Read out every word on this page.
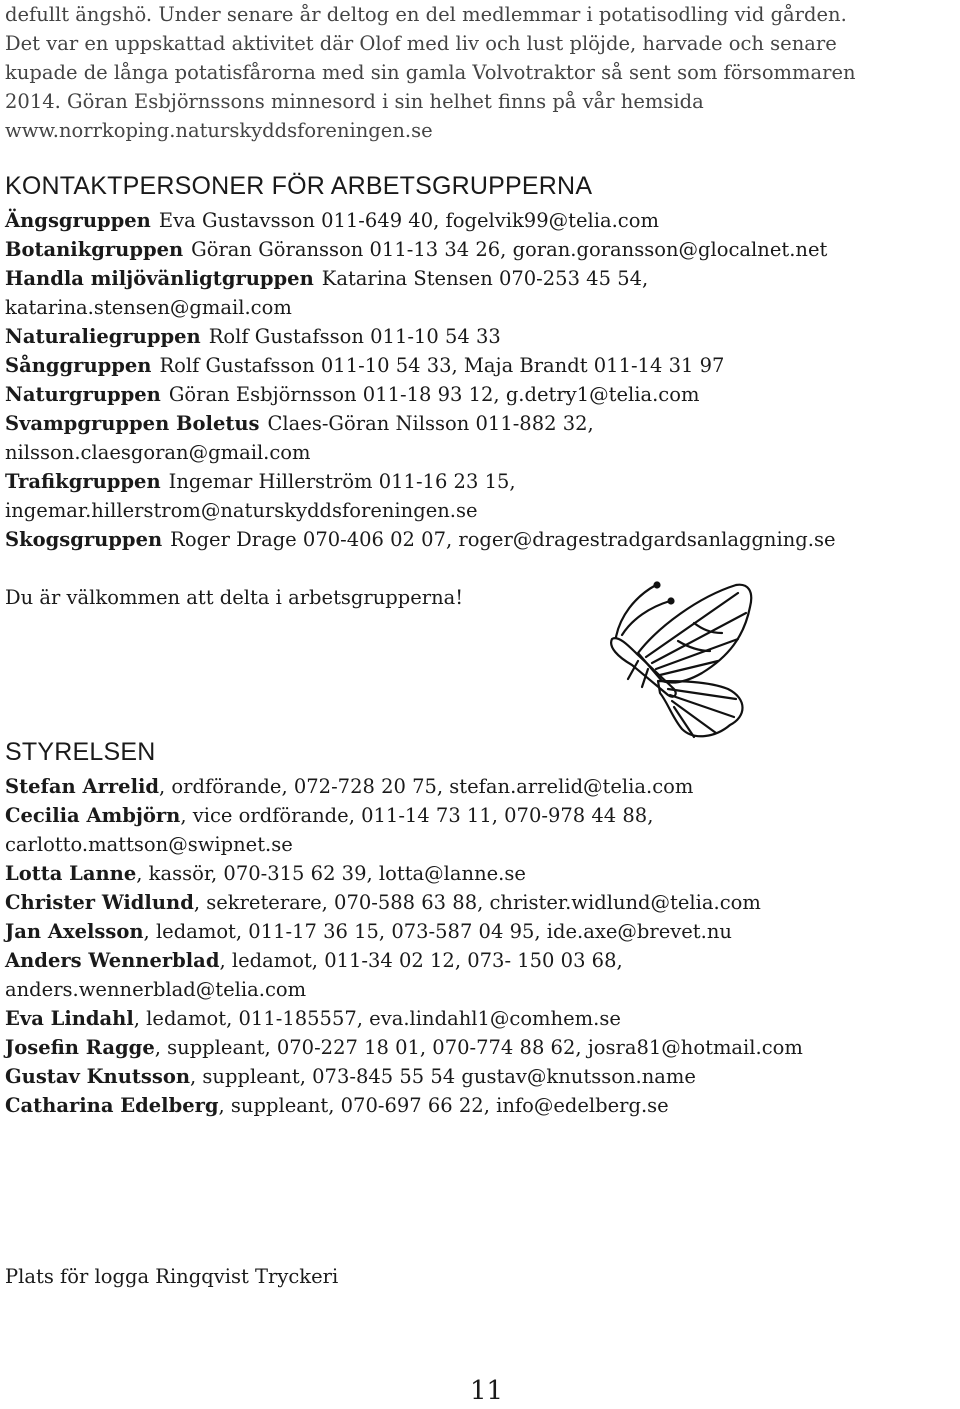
defullt ängshö. Under senare år deltog en del medlemmar i potatisodling vid gården.
Det var en uppskattad aktivitet där Olof med liv och lust plöjde, harvade och senare
kupade de långa potatisfårorna med sin gamla Volvotraktor så sent som försommaren
2014. Göran Esbjörnssons minnesord i sin helhet finns på vår hemsida
www.norrkoping.naturskyddsforeningen.se
KONTAKTPERSONER FÖR ARBETSGRUPPERNA
Ängsgruppen Eva Gustavsson 011-649 40, fogelvik99@telia.com
Botanikgruppen Göran Göransson 011-13 34 26, goran.goransson@glocalnet.net
Handla miljövänligtgruppen Katarina Stensen 070-253 45 54,
katarina.stensen@gmail.com
Naturaliegruppen Rolf Gustafsson 011-10 54 33
Sånggruppen Rolf Gustafsson 011-10 54 33, Maja Brandt 011-14 31 97
Naturgruppen Göran Esbjörnsson 011-18 93 12, g.detry1@telia.com
Svampgruppen Boletus Claes-Göran Nilsson 011-882 32,
nilsson.claesgoran@gmail.com
Trafikgruppen Ingemar Hillerström 011-16 23 15,
ingemar.hillerstrom@naturskyddsforeningen.se
Skogsgruppen Roger Drage 070-406 02 07, roger@dragestradgardsanlaggning.se
Du är välkommen att delta i arbetsgrupperna!
STYRELSEN
Stefan Arrelid, ordförande, 072-728 20 75, stefan.arrelid@telia.com
Cecilia Ambjörn, vice ordförande, 011-14 73 11, 070-978 44 88,
carlotto.mattson@swipnet.se
Lotta Lanne, kassör, 070-315 62 39, lotta@lanne.se
Christer Widlund, sekreterare, 070-588 63 88, christer.widlund@telia.com
Jan Axelsson, ledamot, 011-17 36 15, 073-587 04 95, ide.axe@brevet.nu
Anders Wennerblad, ledamot, 011-34 02 12, 073- 150 03 68,
anders.wennerblad@telia.com
Eva Lindahl, ledamot, 011-185557, eva.lindahl1@comhem.se
Josefin Ragge, suppleant, 070-227 18 01, 070-774 88 62, josra81@hotmail.com
Gustav Knutsson, suppleant, 073-845 55 54 gustav@knutsson.name
Catharina Edelberg, suppleant, 070-697 66 22, info@edelberg.se
Plats för logga Ringqvist Tryckeri
11
